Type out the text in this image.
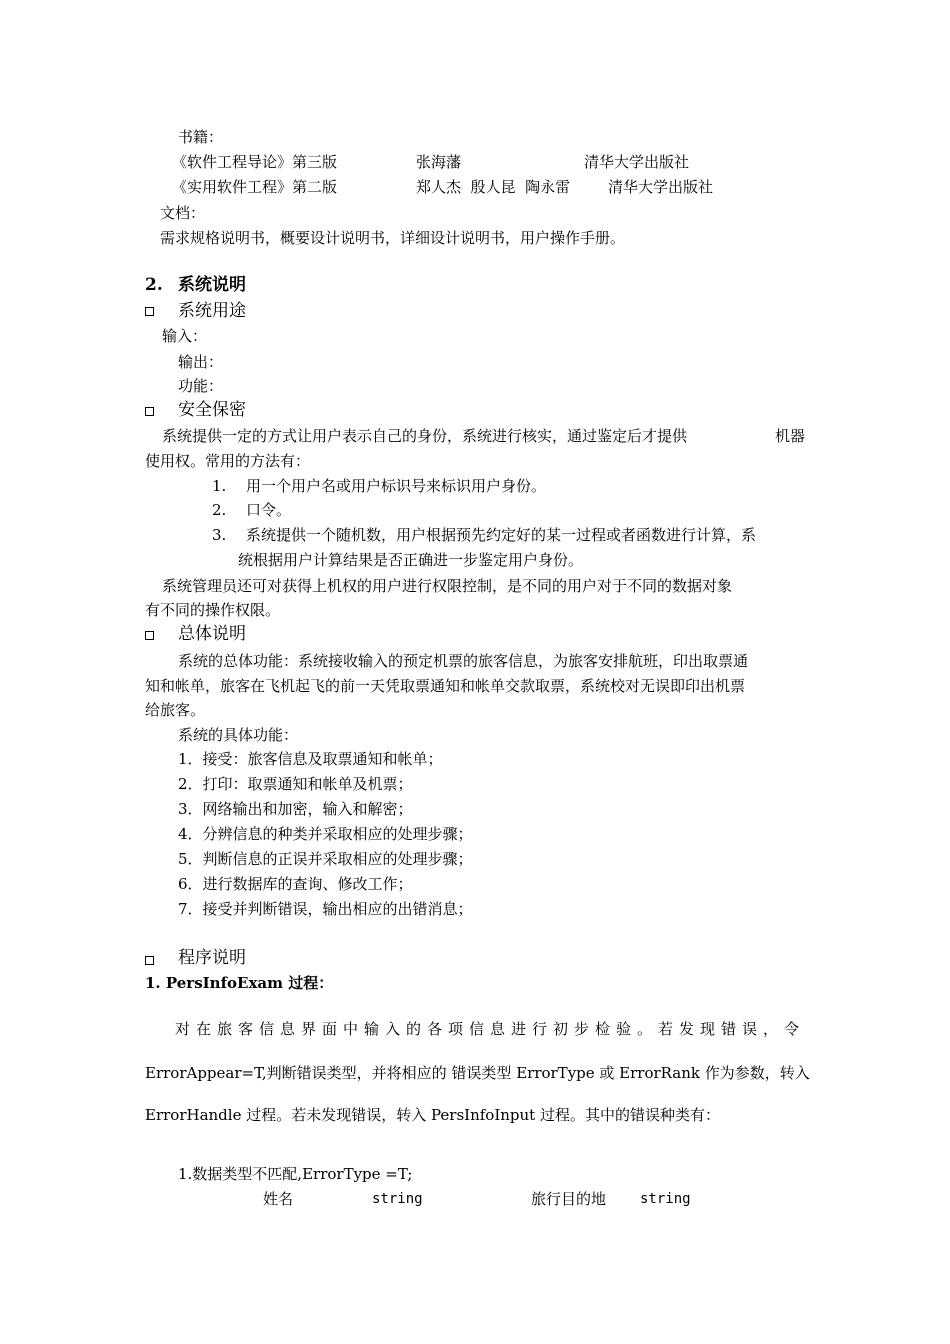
书籍：
《软件工程导论》第三版	张海藩	清华大学出版社
《实用软件工程》第二版	郑人杰  殷人昆  陶永雷	清华大学出版社
文档：
需求规格说明书，概要设计说明书，详细设计说明书，用户操作手册。
2. 系统说明
系统用途
输入：
输出：
功能：
安全保密
系统提供一定的方式让用户表示自己的身份，系统进行核实，通过鉴定后才提供	机器
使用权。常用的方法有：
1. 用一个用户名或用户标识号来标识用户身份。
2. 口令。
3. 系统提供一个随机数，用户根据预先约定好的某一过程或者函数进行计算，系
统根据用户计算结果是否正确进一步鉴定用户身份。
系统管理员还可对获得上机权的用户进行权限控制，是不同的用户对于不同的数据对象
有不同的操作权限。
总体说明
系统的总体功能：系统接收输入的预定机票的旅客信息，为旅客安排航班，印出取票通
知和帐单，旅客在飞机起飞的前一天凭取票通知和帐单交款取票，系统校对无误即印出机票
给旅客。
系统的具体功能：
1．接受：旅客信息及取票通知和帐单；
2．打印：取票通知和帐单及机票；
3．网络输出和加密，输入和解密；
4．分辨信息的种类并采取相应的处理步骤；
5．判断信息的正误并采取相应的处理步骤；
6．进行数据库的查询、修改工作；
7．接受并判断错误，输出相应的出错消息；
程序说明
1. PersInfoExam 过程：
对在旅客信息界面中输入的各项信息进行初步检验。若发现错误，令
ErrorAppear=T,判断错误类型，并将相应的 错误类型 ErrorType 或 ErrorRank 作为参数，转入
ErrorHandle 过程。若未发现错误，转入 PersInfoInput 过程。其中的错误种类有：
1.数据类型不匹配,ErrorType =T;
姓名	string	旅行目的地 string
